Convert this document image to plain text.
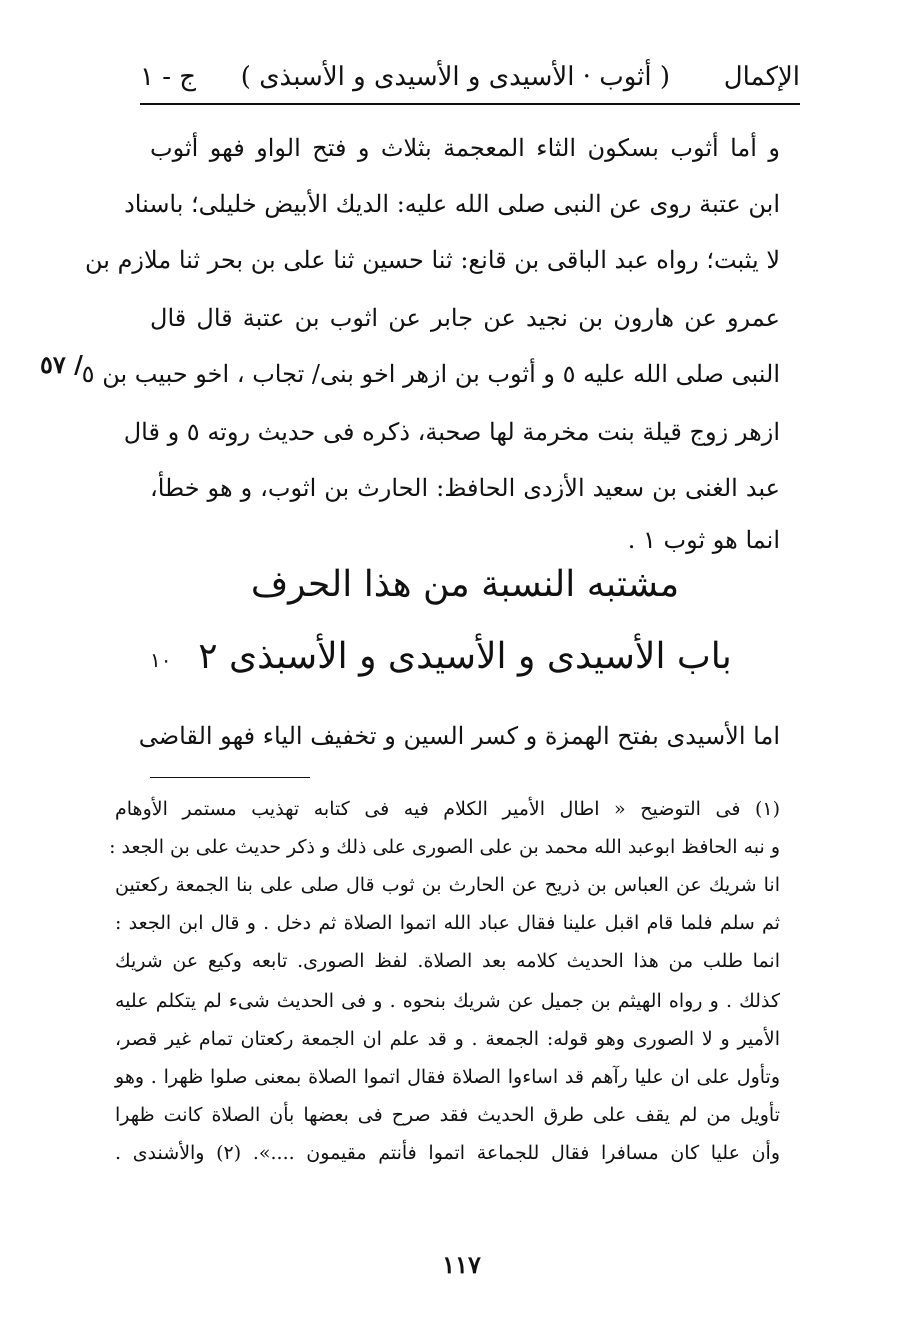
الإكمال
( أثوب · الأسيدى و الأسيدى و الأسبذى )
ج - ١
/ ٥٧
١٠
و أما أثوب بسكون الثاء المعجمة بثلاث و فتح الواو فهو أثوب
ابن عتبة روى عن النبى صلى الله عليه: الديك الأبيض خليلى؛ باسناد
لا يثبت؛ رواه عبد الباقى بن قانع: ثنا حسين ثنا على بن بحر ثنا ملازم بن
عمرو عن هارون بن نجيد عن جابر عن اثوب بن عتبة قال قال
النبى صلى الله عليه ٥ و أثوب بن ازهر اخو بنى/ تجاب ، اخو حبيب بن ٥
ازهر زوج قيلة بنت مخرمة لها صحبة، ذكره فى حديث روته ٥ و قال
عبد الغنى بن سعيد الأزدى الحافظ: الحارث بن اثوب، و هو خطأ،
انما هو ثوب ١ .
مشتبه النسبة من هذا الحرف
باب الأسيدى و الأسيدى و الأسبذى ٢
اما الأسيدى بفتح الهمزة و كسر السين و تخفيف الياء فهو القاضى
(١) فى التوضيح « اطال الأمير الكلام فيه فى كتابه تهذيب مستمر الأوهام
و نبه الحافظ ابوعبد الله محمد بن على الصورى على ذلك و ذكر حديث على بن الجعد :
انا شريك عن العباس بن ذريح عن الحارث بن ثوب قال صلى على بنا الجمعة ركعتين
ثم سلم فلما قام اقبل علينا فقال عباد الله اتموا الصلاة ثم دخل . و قال ابن الجعد :
انما طلب من هذا الحديث كلامه بعد الصلاة. لفظ الصورى. تابعه وكيع عن شريك
كذلك . و رواه الهيثم بن جميل عن شريك بنحوه . و فى الحديث شىء لم يتكلم عليه
الأمير و لا الصورى وهو قوله: الجمعة . و قد علم ان الجمعة ركعتان تمام غير قصر،
وتأول على ان عليا رآهم قد اساءوا الصلاة فقال اتموا الصلاة بمعنى صلوا ظهرا . وهو
تأويل من لم يقف على طرق الحديث فقد صرح فى بعضها بأن الصلاة كانت ظهرا
وأن عليا كان مسافرا فقال للجماعة اتموا فأنتم مقيمون ....». (٢) والأشندى .
١١٧
